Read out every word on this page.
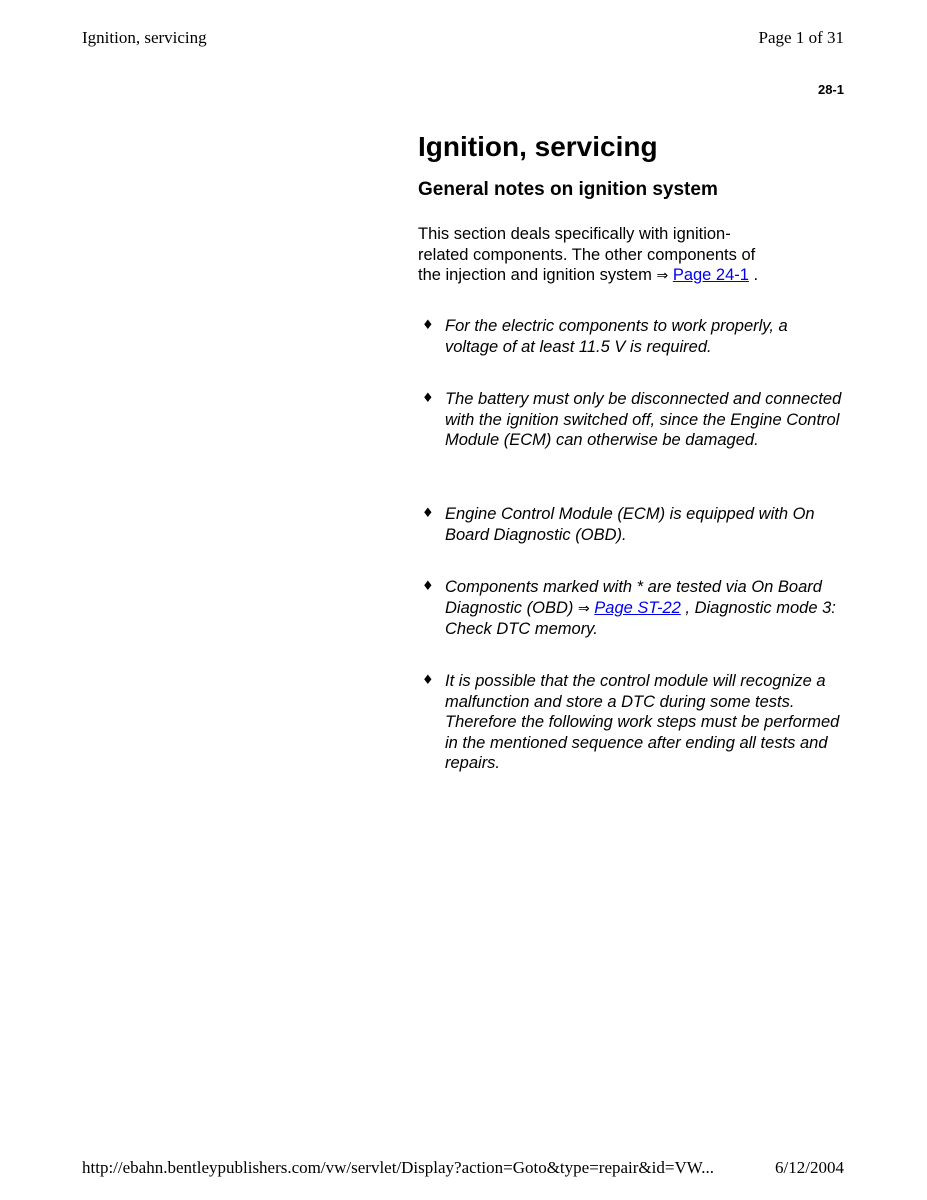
Ignition, servicing	Page 1 of 31
28-1
Ignition, servicing
General notes on ignition system

This section deals specifically with ignition-
related components. The other components of
the injection and ignition system ⇒ Page 24-1 .

♦ For the electric components to work properly, a voltage of at least 11.5 V is required.
♦ The battery must only be disconnected and connected with the ignition switched off, since the Engine Control Module (ECM) can otherwise be damaged.
♦ Engine Control Module (ECM) is equipped with On Board Diagnostic (OBD).
♦ Components marked with * are tested via On Board Diagnostic (OBD) ⇒ Page ST-22 , Diagnostic mode 3: Check DTC memory.
♦ It is possible that the control module will recognize a malfunction and store a DTC during some tests. Therefore the following work steps must be performed in the mentioned sequence after ending all tests and repairs.
http://ebahn.bentleypublishers.com/vw/servlet/Display?action=Goto&type=repair&id=VW...	6/12/2004
